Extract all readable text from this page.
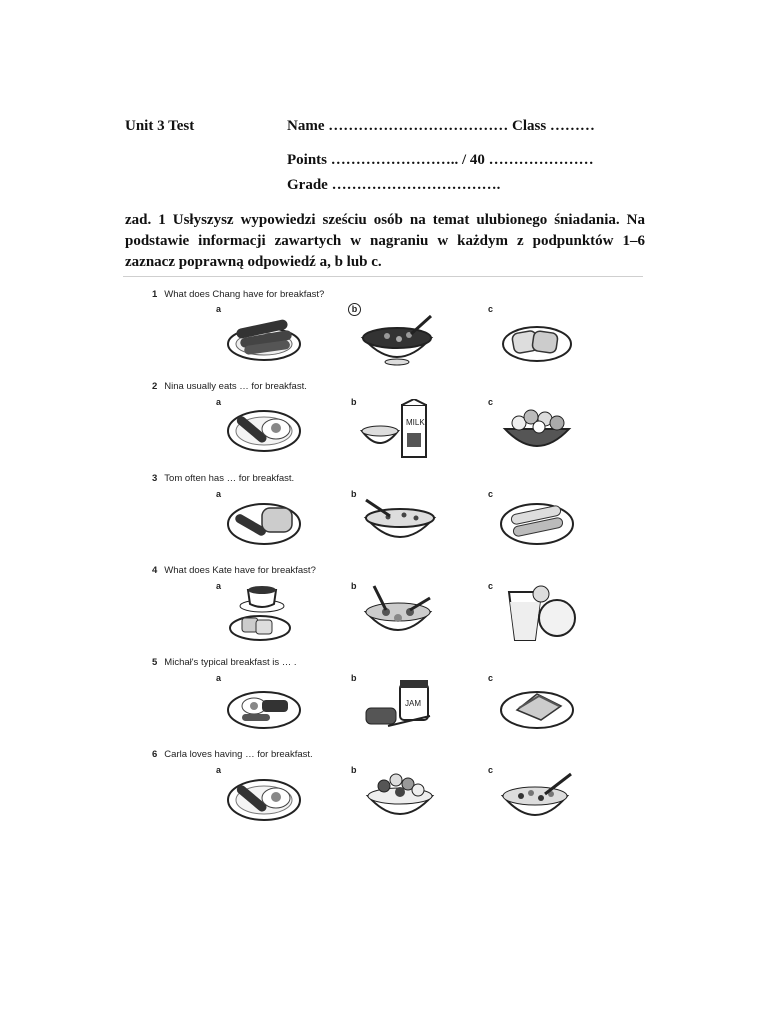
Unit 3 Test	Name ……………………………… Class ………
Points …………………….. / 40 …………………
Grade …………………………….
zad. 1 Usłyszysz wypowiedzi sześciu osób na temat ulubionego śniadania. Na podstawie informacji zawartych w nagraniu w każdym z podpunktów 1–6 zaznacz poprawną odpowiedź a, b lub c.
1 What does Chang have for breakfast?
a	b	c
2 Nina usually eats … for breakfast.
a	b	c
MILK
3 Tom often has … for breakfast.
a	b	c
4 What does Kate have for breakfast?
a	b	c
5 Michał's typical breakfast is … .
a	b	c
JAM
6 Carla loves having … for breakfast.
a	b	c
